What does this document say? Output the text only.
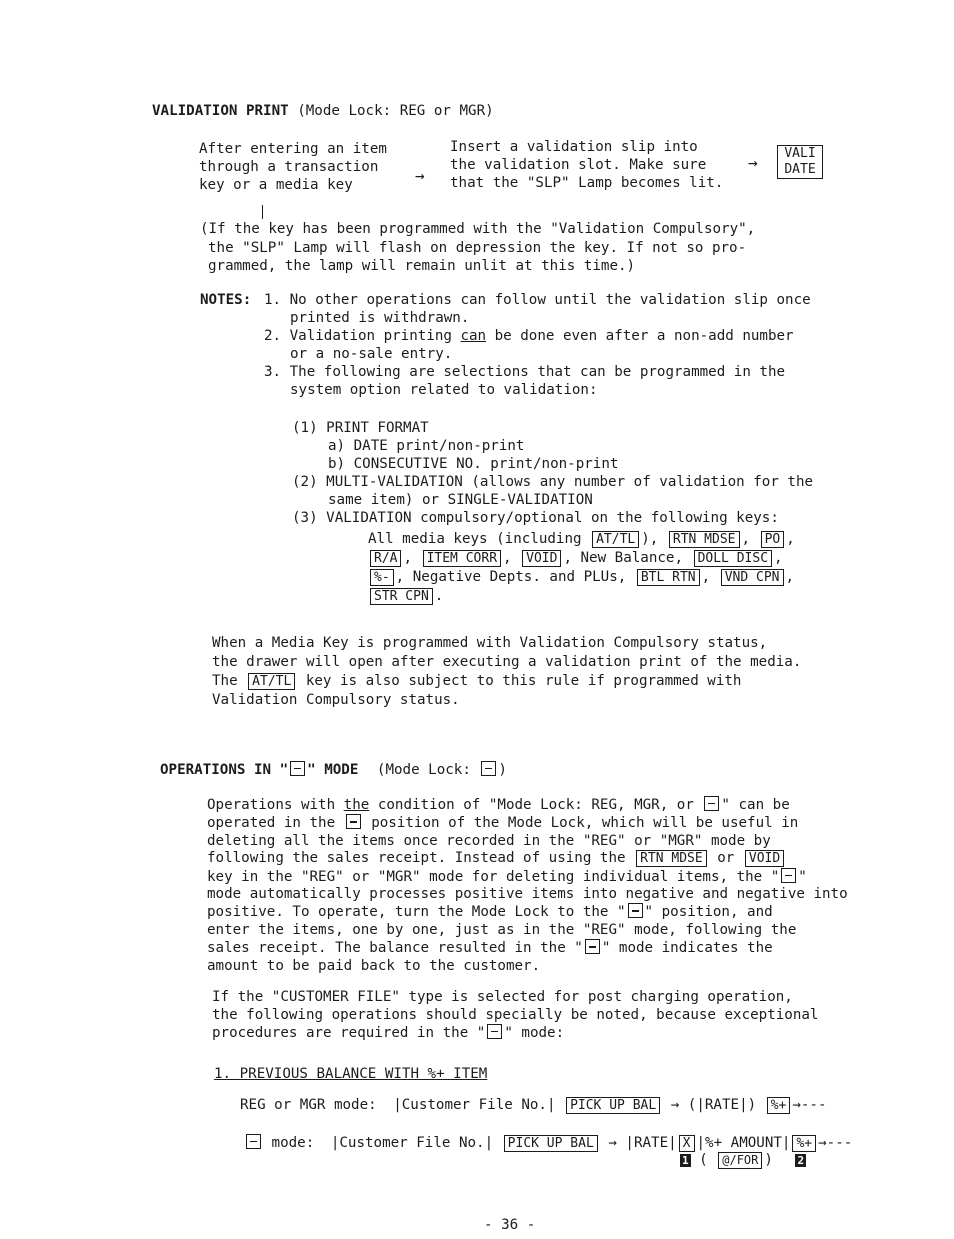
VALIDATION PRINT (Mode Lock: REG or MGR)
After entering an item
through a transaction
key or a media key	→
Insert a validation slip into
the validation slot. Make sure
that the "SLP" Lamp becomes lit.
→	VALI
DATE
(If the key has been programmed with the "Validation Compulsory",
the "SLP" Lamp will flash on depression the key. If not so pro-
grammed, the lamp will remain unlit at this time.)
NOTES: 1. No other operations can follow until the validation slip once
printed is withdrawn.
2. Validation printing can be done even after a non-add number
or a no-sale entry.
3. The following are selections that can be programmed in the
system option related to validation:
(1) PRINT FORMAT
a) DATE print/non-print
b) CONSECUTIVE NO. print/non-print
(2) MULTI-VALIDATION (allows any number of validation for the
same item) or SINGLE-VALIDATION
(3) VALIDATION compulsory/optional on the following keys:
All media keys (including AT/TL ), RTN MDSE , PO ,
R/A , ITEM CORR , VOID , New Balance, DOLL DISC ,
%- , Negative Depts. and PLUs, BTL RTN , VND CPN ,
STR CPN .
When a Media Key is programmed with Validation Compulsory status,
the drawer will open after executing a validation print of the media.
The AT/TL key is also subject to this rule if programmed with
Validation Compulsory status.
OPERATIONS IN " " MODE (Mode Lock: )
Operations with the condition of "Mode Lock: REG, MGR, or " can be
operated in the  position of the Mode Lock, which will be useful in
deleting all the items once recorded in the "REG" or "MGR" mode by
following the sales receipt. Instead of using the RTN MDSE or VOID
key in the "REG" or "MGR" mode for deleting individual items, the " "
mode automatically processes positive items into negative and negative into
positive. To operate, turn the Mode Lock to the " " position, and
enter the items, one by one, just as in the "REG" mode, following the
sales receipt. The balance resulted in the " " mode indicates the
amount to be paid back to the customer.
If the "CUSTOMER FILE" type is selected for post charging operation,
the following operations should specially be noted, because exceptional
procedures are required in the " " mode:
1. PREVIOUS BALANCE WITH %+ ITEM
REG or MGR mode: |Customer File No.| PICK UP BAL → (|RATE|) %+ →---
mode: |Customer File No.| PICK UP BAL → |RATE| X |%+ AMOUNT| %+ →---
1 ( @/FOR ) 2
- 36 -
